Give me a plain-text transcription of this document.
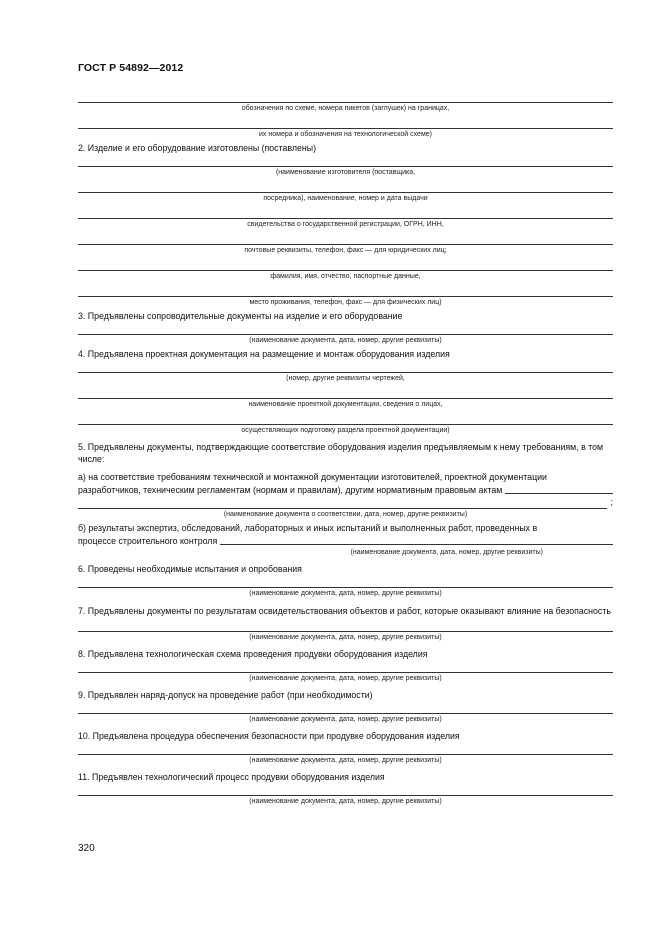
ГОСТ Р 54892—2012
обозначения по схеме, номера пикетов (заглушек) на границах,
их номера и обозначения на технологической схеме)
2. Изделие и его оборудование изготовлены (поставлены)
(наименование изготовителя (поставщика,
посредника), наименование, номер и дата выдачи
свидетельства о государственной регистрации, ОГРН, ИНН,
почтовые реквизиты, телефон, факс — для юридических лиц;
фамилия, имя, отчество, паспортные данные,
место проживания, телефон, факс — для физических лиц)
3. Предъявлены сопроводительные документы на изделие и его оборудование
(наименование документа, дата, номер, другие реквизиты)
4. Предъявлена проектная документация на размещение и монтаж оборудования изделия
(номер, другие реквизиты чертежей,
наименование проектной документации, сведения о лицах,
осуществляющих подготовку раздела проектной документации)
5. Предъявлены документы, подтверждающие соответствие оборудования изделия предъявляемым к нему требованиям, в том числе:
а) на соответствие требованиям технической и монтажной документации изготовителей, проектной документации
разработчиков, техническим регламентам (нормам и правилам), другим нормативным правовым актам
;
(наименование документа о соответствии, дата, номер, другие реквизиты)
б) результаты экспертиз, обследований, лабораторных и иных испытаний и выполненных работ, проведенных в
процессе строительного контроля
(наименование документа, дата, номер, другие реквизиты)
6. Проведены необходимые испытания и опробования
(наименование документа, дата, номер, другие реквизиты)
7. Предъявлены документы по результатам освидетельствования объектов и работ, которые оказывают влияние на безопасность
(наименование документа, дата, номер, другие реквизиты)
8. Предъявлена технологическая схема проведения продувки оборудования изделия
(наименование документа, дата, номер, другие реквизиты)
9. Предъявлен наряд-допуск на проведение работ (при необходимости)
(наименование документа, дата, номер, другие реквизиты)
10. Предъявлена процедура обеспечения безопасности при продувке оборудования изделия
(наименование документа, дата, номер, другие реквизиты)
11. Предъявлен технологический процесс продувки оборудования изделия
(наименование документа, дата, номер, другие реквизиты)
320
